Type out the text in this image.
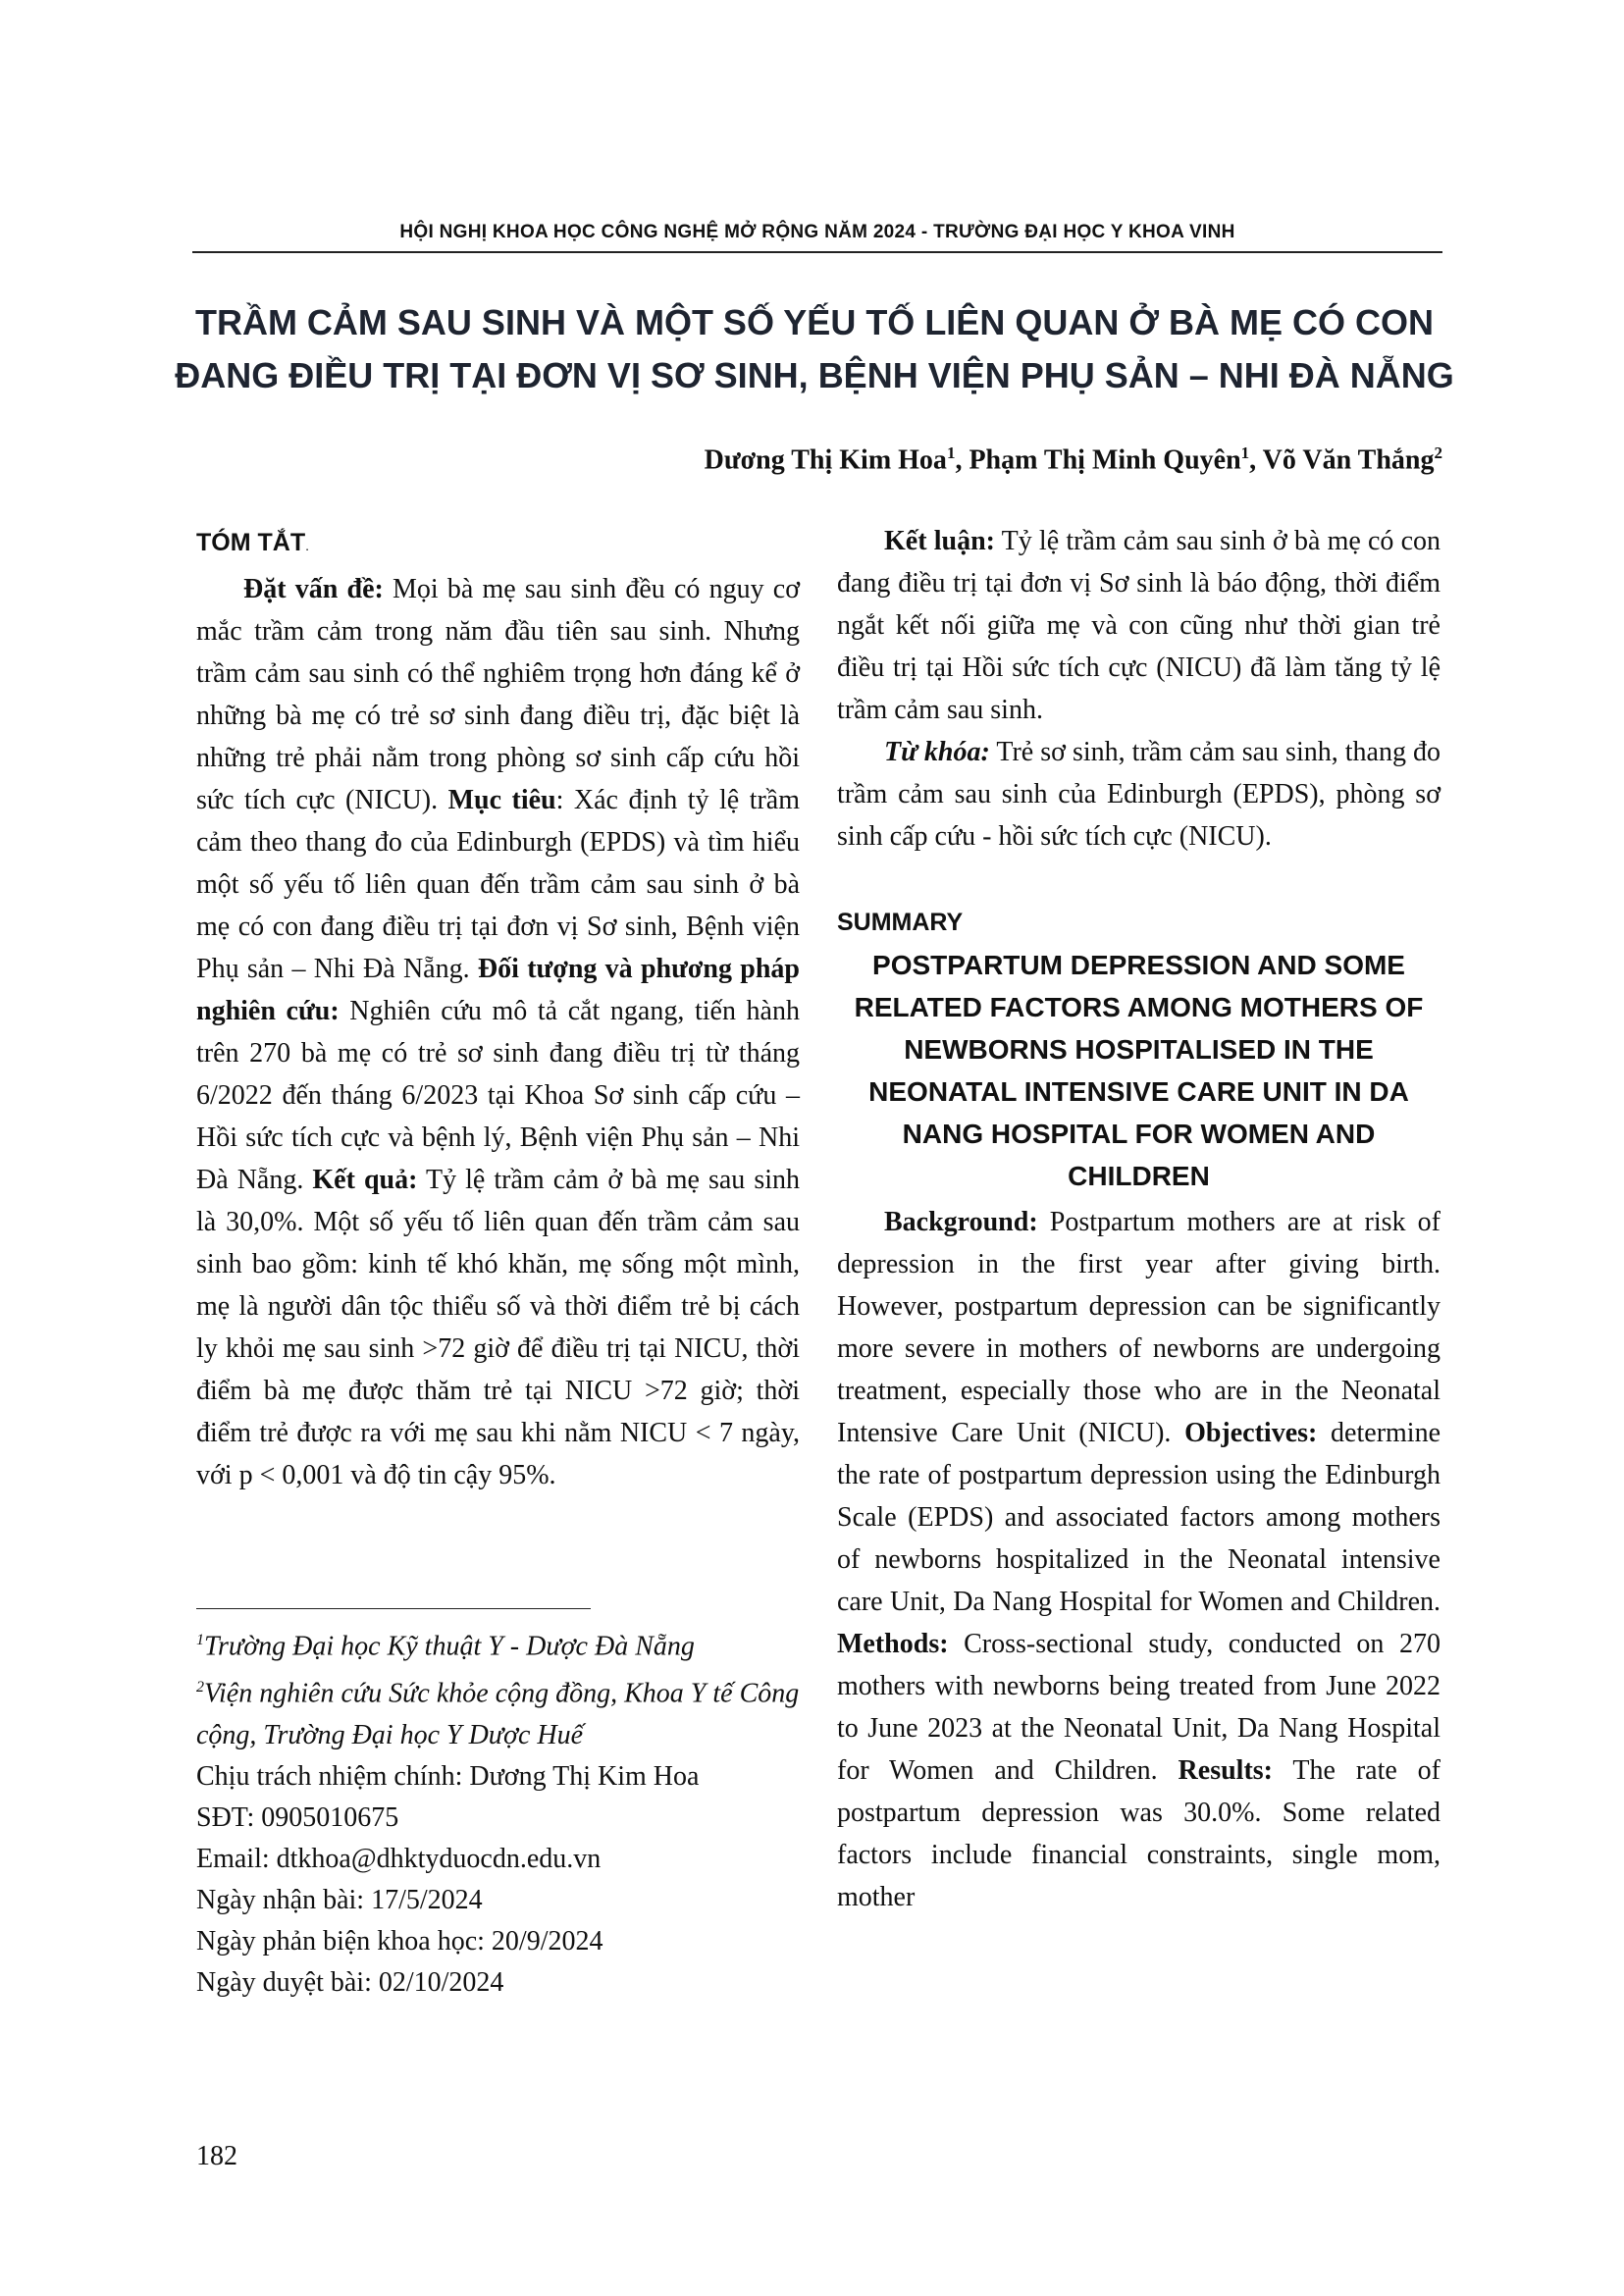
HỘI NGHỊ KHOA HỌC CÔNG NGHỆ MỞ RỘNG NĂM 2024 - TRƯỜNG ĐẠI HỌC Y KHOA VINH
TRẦM CẢM SAU SINH VÀ MỘT SỐ YẾU TỐ LIÊN QUAN Ở BÀ MẸ CÓ CON
ĐANG ĐIỀU TRỊ TẠI ĐƠN VỊ SƠ SINH, BỆNH VIỆN PHỤ SẢN – NHI ĐÀ NẴNG
Dương Thị Kim Hoa$^1$, Phạm Thị Minh Quyên$^1$, Võ Văn Thắng$^2$

TÓM TẮT.

Đặt vấn đề: Mọi bà mẹ sau sinh đều có nguy cơ mắc trầm cảm trong năm đầu tiên sau sinh. Nhưng trầm cảm sau sinh có thể nghiêm trọng hơn đáng kể ở những bà mẹ có trẻ sơ sinh đang điều trị, đặc biệt là những trẻ phải nằm trong phòng sơ sinh cấp cứu hồi sức tích cực (NICU). Mục tiêu: Xác định tỷ lệ trầm cảm theo thang đo của Edinburgh (EPDS) và tìm hiểu một số yếu tố liên quan đến trầm cảm sau sinh ở bà mẹ có con đang điều trị tại đơn vị Sơ sinh, Bệnh viện Phụ sản – Nhi Đà Nẵng. Đối tượng và phương pháp nghiên cứu: Nghiên cứu mô tả cắt ngang, tiến hành trên 270 bà mẹ có trẻ sơ sinh đang điều trị từ tháng 6/2022 đến tháng 6/2023 tại Khoa Sơ sinh cấp cứu – Hồi sức tích cực và bệnh lý, Bệnh viện Phụ sản – Nhi Đà Nẵng. Kết quả: Tỷ lệ trầm cảm ở bà mẹ sau sinh là 30,0%. Một số yếu tố liên quan đến trầm cảm sau sinh bao gồm: kinh tế khó khăn, mẹ sống một mình, mẹ là người dân tộc thiểu số và thời điểm trẻ bị cách ly khỏi mẹ sau sinh >72 giờ để điều trị tại NICU, thời điểm bà mẹ được thăm trẻ tại NICU >72 giờ; thời điểm trẻ được ra với mẹ sau khi nằm NICU < 7 ngày, với p < 0,001 và độ tin cậy 95%.

$^1$Trường Đại học Kỹ thuật Y - Dược Đà Nẵng
$^2$Viện nghiên cứu Sức khỏe cộng đồng, Khoa Y tế Công cộng, Trường Đại học Y Dược Huế
Chịu trách nhiệm chính: Dương Thị Kim Hoa
SĐT: 0905010675
Email: dtkhoa@dhktyduocdn.edu.vn
Ngày nhận bài: 17/5/2024
Ngày phản biện khoa học: 20/9/2024
Ngày duyệt bài: 02/10/2024
182

Kết luận: Tỷ lệ trầm cảm sau sinh ở bà mẹ có con đang điều trị tại đơn vị Sơ sinh là báo động, thời điểm ngắt kết nối giữa mẹ và con cũng như thời gian trẻ điều trị tại Hồi sức tích cực (NICU) đã làm tăng tỷ lệ trầm cảm sau sinh.

Từ khóa: Trẻ sơ sinh, trầm cảm sau sinh, thang đo trầm cảm sau sinh của Edinburgh (EPDS), phòng sơ sinh cấp cứu - hồi sức tích cực (NICU).

SUMMARY
POSTPARTUM DEPRESSION AND SOME RELATED FACTORS AMONG MOTHERS OF NEWBORNS HOSPITALISED IN THE NEONATAL INTENSIVE CARE UNIT IN DA NANG HOSPITAL FOR WOMEN AND CHILDREN

Background: Postpartum mothers are at risk of depression in the first year after giving birth. However, postpartum depression can be significantly more severe in mothers of newborns are undergoing treatment, especially those who are in the Neonatal Intensive Care Unit (NICU). Objectives: determine the rate of postpartum depression using the Edinburgh Scale (EPDS) and associated factors among mothers of newborns hospitalized in the Neonatal intensive care Unit, Da Nang Hospital for Women and Children. Methods: Cross-sectional study, conducted on 270 mothers with newborns being treated from June 2022 to June 2023 at the Neonatal Unit, Da Nang Hospital for Women and Children. Results: The rate of postpartum depression was 30.0%. Some related factors include financial constraints, single mom, mother
